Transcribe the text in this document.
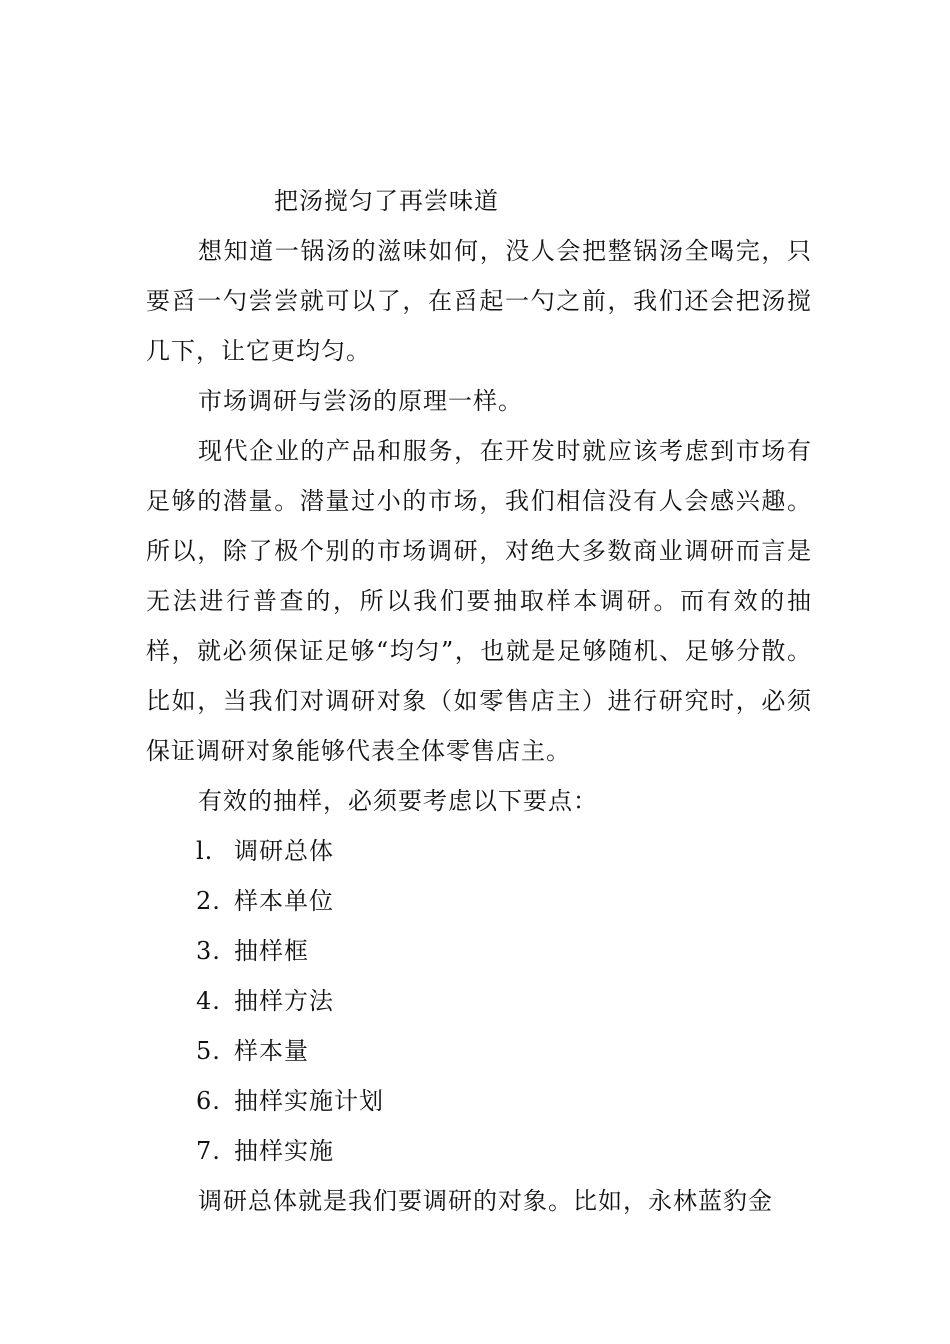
把汤搅匀了再尝味道

想知道一锅汤的滋味如何，没人会把整锅汤全喝完，只要舀一勺尝尝就可以了，在舀起一勺之前，我们还会把汤搅几下，让它更均匀。

市场调研与尝汤的原理一样。

现代企业的产品和服务，在开发时就应该考虑到市场有足够的潜量。潜量过小的市场，我们相信没有人会感兴趣。所以，除了极个别的市场调研，对绝大多数商业调研而言是无法进行普查的，所以我们要抽取样本调研。而有效的抽样，就必须保证足够“均匀”，也就是足够随机、足够分散。比如，当我们对调研对象（如零售店主）进行研究时，必须保证调研对象能够代表全体零售店主。

有效的抽样，必须要考虑以下要点：

l. 调研总体
2. 样本单位
3. 抽样框
4. 抽样方法
5. 样本量
6. 抽样实施计划
7. 抽样实施

调研总体就是我们要调研的对象。比如，永林蓝豹金
